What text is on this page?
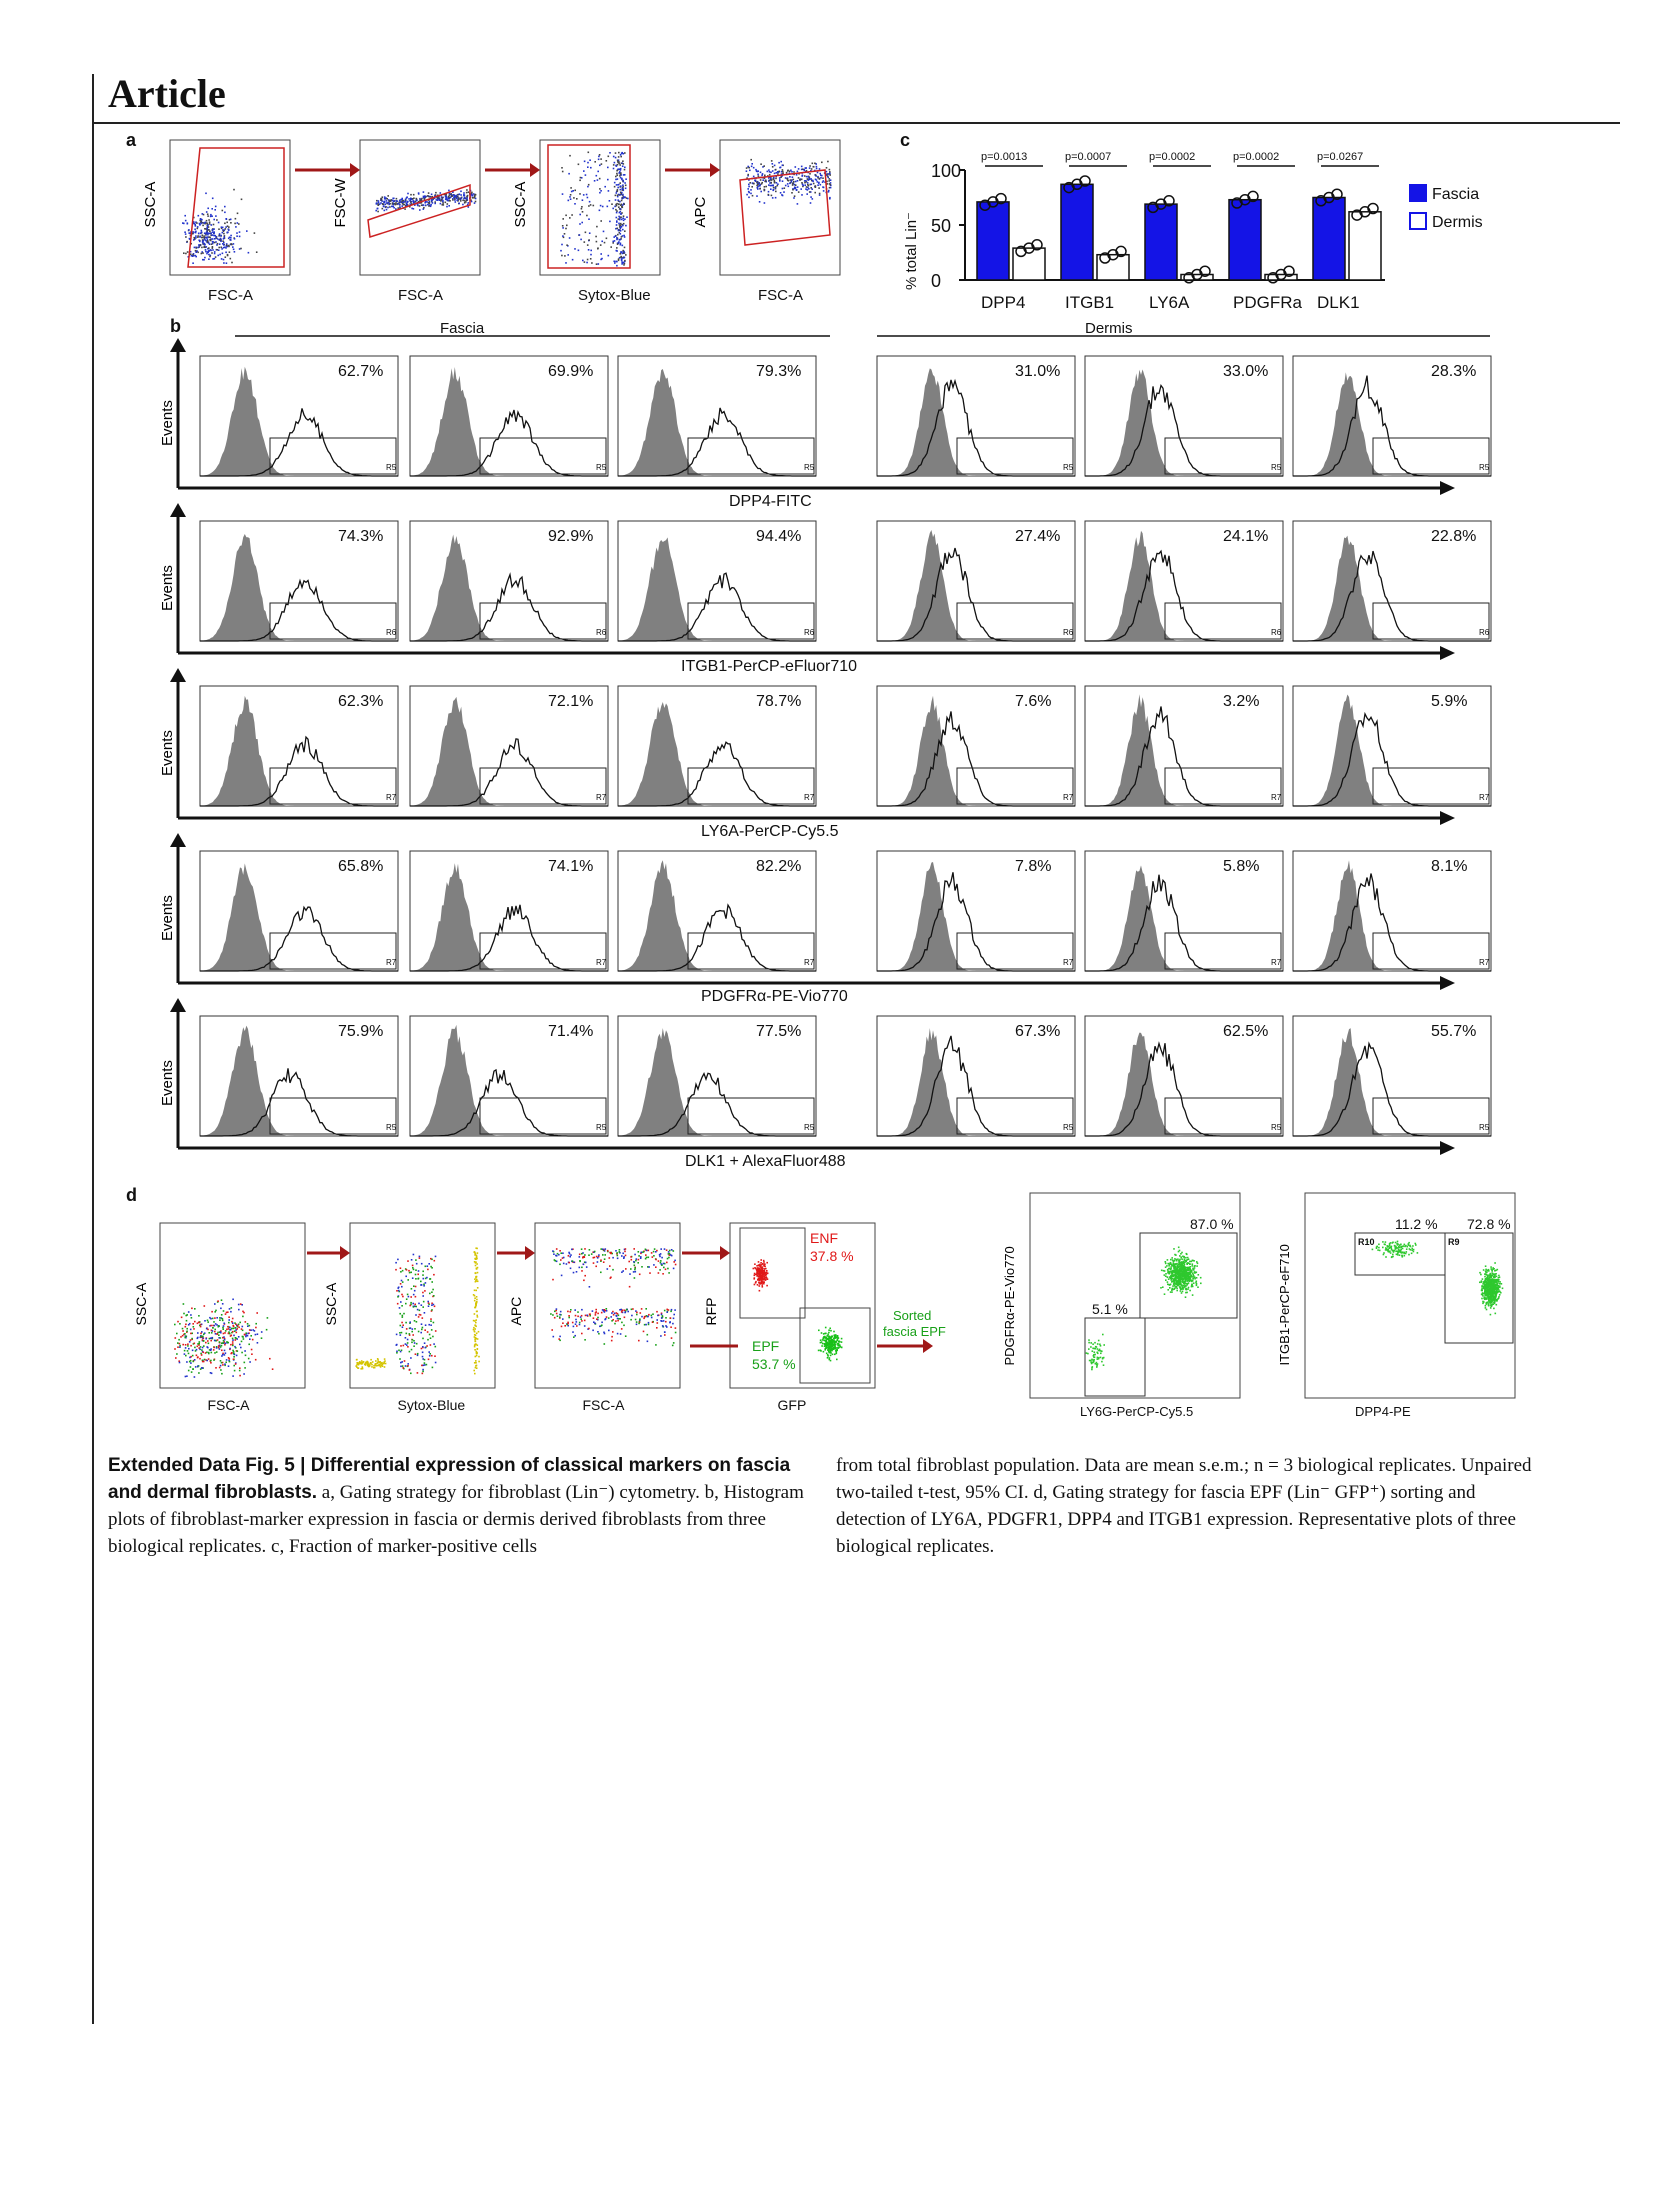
Article
a	c
b
d
FSC-A
SSC-A
FSC-A
FSC-W
Sytox-Blue
SSC-A
FSC-A
APC
0
50
100
DPP4
p=0.0013
ITGB1
p=0.0007
LY6A
p=0.0002
PDGFRa
p=0.0002
DLK1
p=0.0267
Fascia
Dermis
% total Lin⁻
Fascia	Dermis
Events
DPP4-FITC
R5
62.7%
R5
69.9%
R5
79.3%
R5
31.0%
R5
33.0%
R5
28.3%
Events
ITGB1-PerCP-eFluor710
R6
74.3%
R6
92.9%
R6
94.4%
R6
27.4%
R6
24.1%
R6
22.8%
Events
LY6A-PerCP-Cy5.5
R7
62.3%
R7
72.1%
R7
78.7%
R7
7.6%
R7
3.2%
R7
5.9%
Events
PDGFRα-PE-Vio770
R7
65.8%
R7
74.1%
R7
82.2%
R7
7.8%
R7
5.8%
R7
8.1%
Events
DLK1 + AlexaFluor488
R5
75.9%
R5
71.4%
R5
77.5%
R5
67.3%
R5
62.5%
R5
55.7%
FSC-A
SSC-A
Sytox-Blue
SSC-A
FSC-A
APC
ENF
37.8 %
EPF
53.7 %
Sorted
fascia EPF
GFP
RFP
87.0 %
5.1 %
LY6G-PerCP-Cy5.5
PDGFRα-PE-Vio770
11.2 % 72.8 %
R10	R9
DPP4-PE
ITGB1-PerCP-eF710
Extended Data Fig. 5 | Differential expression of classical markers on fascia and dermal fibroblasts. a, Gating strategy for fibroblast (Lin⁻) cytometry. b, Histogram plots of fibroblast-marker expression in fascia or dermis derived fibroblasts from three biological replicates. c, Fraction of marker-positive cells
from total fibroblast population. Data are mean s.e.m.; n = 3 biological replicates. Unpaired two-tailed t-test, 95% CI. d, Gating strategy for fascia EPF (Lin⁻ GFP⁺) sorting and detection of LY6A, PDGFR1, DPP4 and ITGB1 expression. Representative plots of three biological replicates.
